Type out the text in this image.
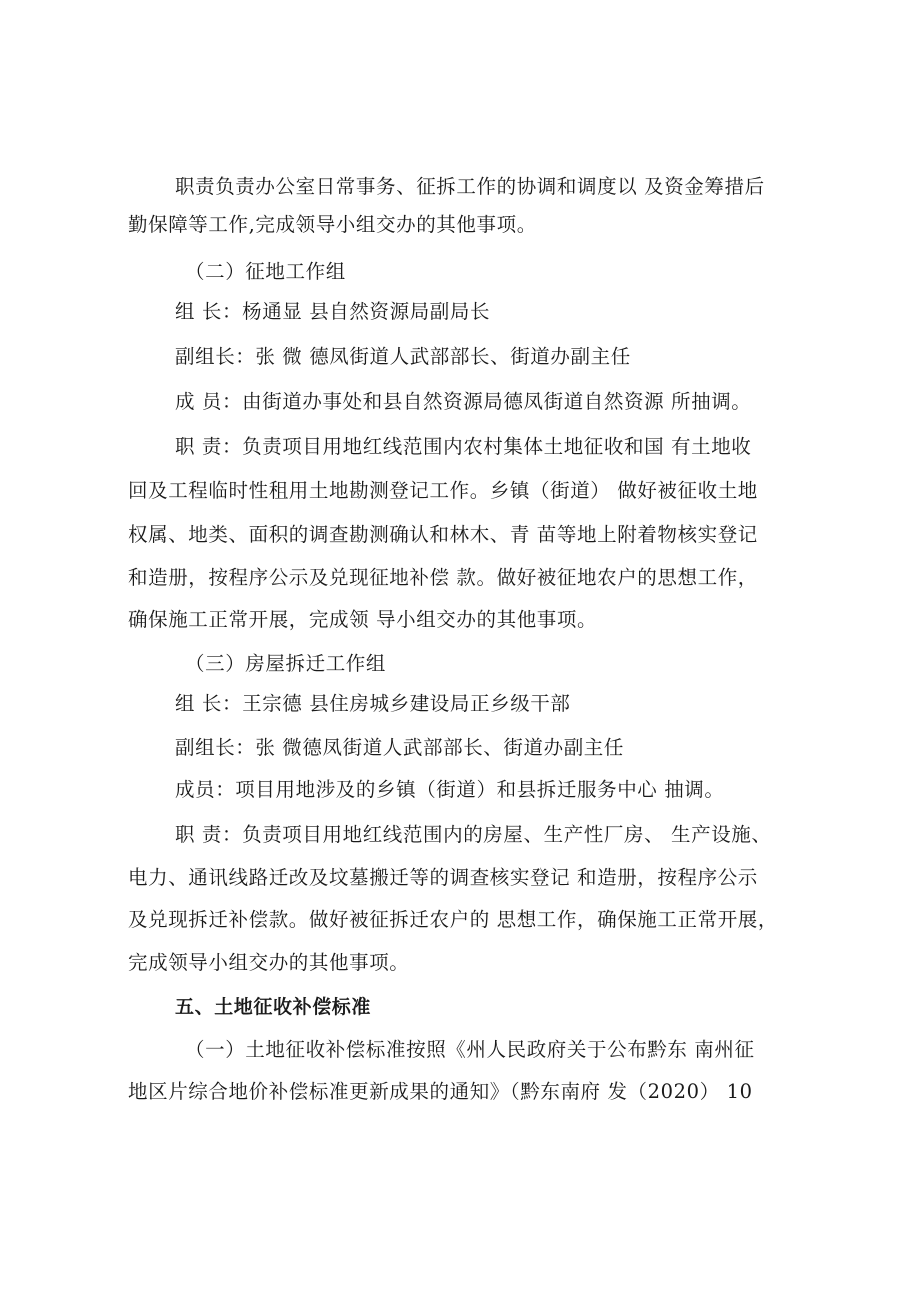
职责负责办公室日常事务、征拆工作的协调和调度以 及资金筹措后
勤保障等工作,完成领导小组交办的其他事项。
（二）征地工作组
组 长：杨通显 县自然资源局副局长
副组长：张 微 德凤街道人武部部长、街道办副主任
成 员：由街道办事处和县自然资源局德凤街道自然资源 所抽调。
职 责：负责项目用地红线范围内农村集体土地征收和国 有土地收
回及工程临时性租用土地勘测登记工作。乡镇（街道） 做好被征收土地
权属、地类、面积的调查勘测确认和林木、青 苗等地上附着物核实登记
和造册，按程序公示及兑现征地补偿 款。做好被征地农户的思想工作，
确保施工正常开展，完成领 导小组交办的其他事项。
（三）房屋拆迁工作组
组 长：王宗德 县住房城乡建设局正乡级干部
副组长：张 微德凤街道人武部部长、街道办副主任
成员：项目用地涉及的乡镇（街道）和县拆迁服务中心 抽调。
职 责：负责项目用地红线范围内的房屋、生产性厂房、 生产设施、
电力、通讯线路迁改及坟墓搬迁等的调查核实登记 和造册，按程序公示
及兑现拆迁补偿款。做好被征拆迁农户的 思想工作，确保施工正常开展，
完成领导小组交办的其他事项。
五、土地征收补偿标准
（一）土地征收补偿标准按照《州人民政府关于公布黔东 南州征
地区片综合地价补偿标准更新成果的通知》（黔东南府 发（2020） 10
